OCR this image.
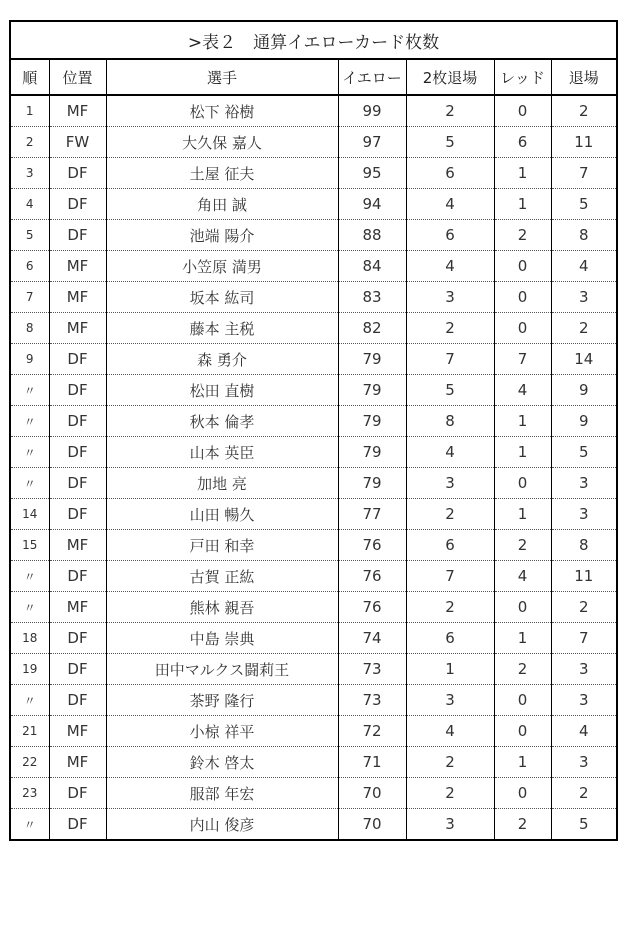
>表２　通算イエローカード枚数						
順	位置	選手	イエロー	2枚退場	レッド	退場
1	MF	松下 裕樹	99	2	0	2
2	FW	大久保 嘉人	97	5	6	11
3	DF	土屋 征夫	95	6	1	7
4	DF	角田 誠	94	4	1	5
5	DF	池端 陽介	88	6	2	8
6	MF	小笠原 満男	84	4	0	4
7	MF	坂本 紘司	83	3	0	3
8	MF	藤本 主税	82	2	0	2
9	DF	森 勇介	79	7	7	14
〃	DF	松田 直樹	79	5	4	9
〃	DF	秋本 倫孝	79	8	1	9
〃	DF	山本 英臣	79	4	1	5
〃	DF	加地 亮	79	3	0	3
14	DF	山田 暢久	77	2	1	3
15	MF	戸田 和幸	76	6	2	8
〃	DF	古賀 正紘	76	7	4	11
〃	MF	熊林 親吾	76	2	0	2
18	DF	中島 崇典	74	6	1	7
19	DF	田中マルクス闘莉王	73	1	2	3
〃	DF	茶野 隆行	73	3	0	3
21	MF	小椋 祥平	72	4	0	4
22	MF	鈴木 啓太	71	2	1	3
23	DF	服部 年宏	70	2	0	2
〃	DF	内山 俊彦	70	3	2	5
